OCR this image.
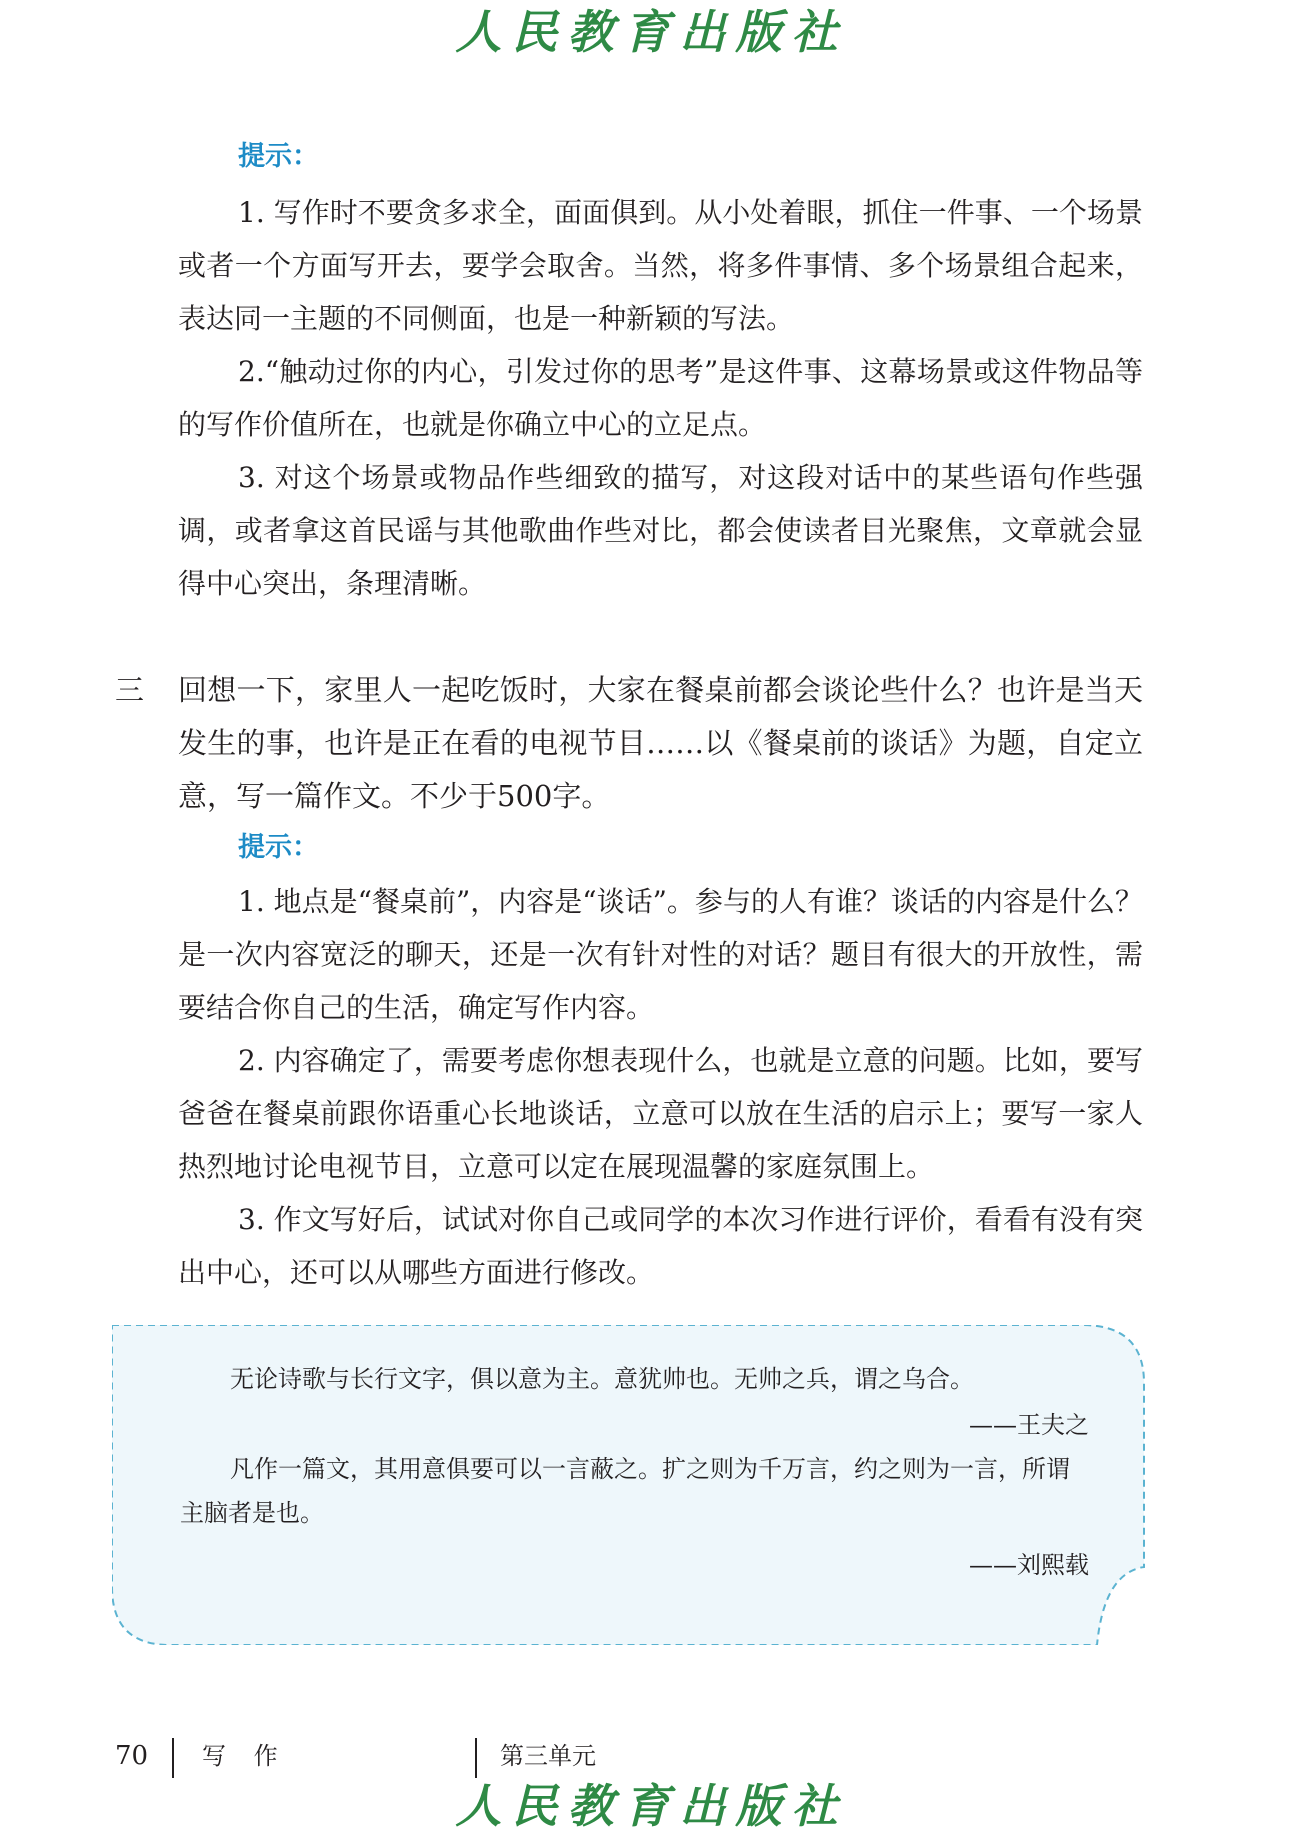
人民教育出版社
提示：

1. 写作时不要贪多求全，面面俱到。从小处着眼，抓住一件事、一个场景或者一个方面写开去，要学会取舍。当然，将多件事情、多个场景组合起来，表达同一主题的不同侧面，也是一种新颖的写法。

2.“触动过你的内心，引发过你的思考”是这件事、这幕场景或这件物品等的写作价值所在，也就是你确立中心的立足点。

3. 对这个场景或物品作些细致的描写，对这段对话中的某些语句作些强调，或者拿这首民谣与其他歌曲作些对比，都会使读者目光聚焦，文章就会显得中心突出，条理清晰。

三 回想一下，家里人一起吃饭时，大家在餐桌前都会谈论些什么？也许是当天发生的事，也许是正在看的电视节目……以《餐桌前的谈话》为题，自定立意，写一篇作文。不少于500字。

提示：

1. 地点是“餐桌前”，内容是“谈话”。参与的人有谁？谈话的内容是什么？是一次内容宽泛的聊天，还是一次有针对性的对话？题目有很大的开放性，需要结合你自己的生活，确定写作内容。

2. 内容确定了，需要考虑你想表现什么，也就是立意的问题。比如，要写爸爸在餐桌前跟你语重心长地谈话，立意可以放在生活的启示上；要写一家人热烈地讨论电视节目，立意可以定在展现温馨的家庭氛围上。

3. 作文写好后，试试对你自己或同学的本次习作进行评价，看看有没有突出中心，还可以从哪些方面进行修改。

无论诗歌与长行文字，俱以意为主。意犹帅也。无帅之兵，谓之乌合。

——王夫之

凡作一篇文，其用意俱要可以一言蔽之。扩之则为千万言，约之则为一言，所谓主脑者是也。

——刘熙载
70 写 作	第三单元
人民教育出版社
